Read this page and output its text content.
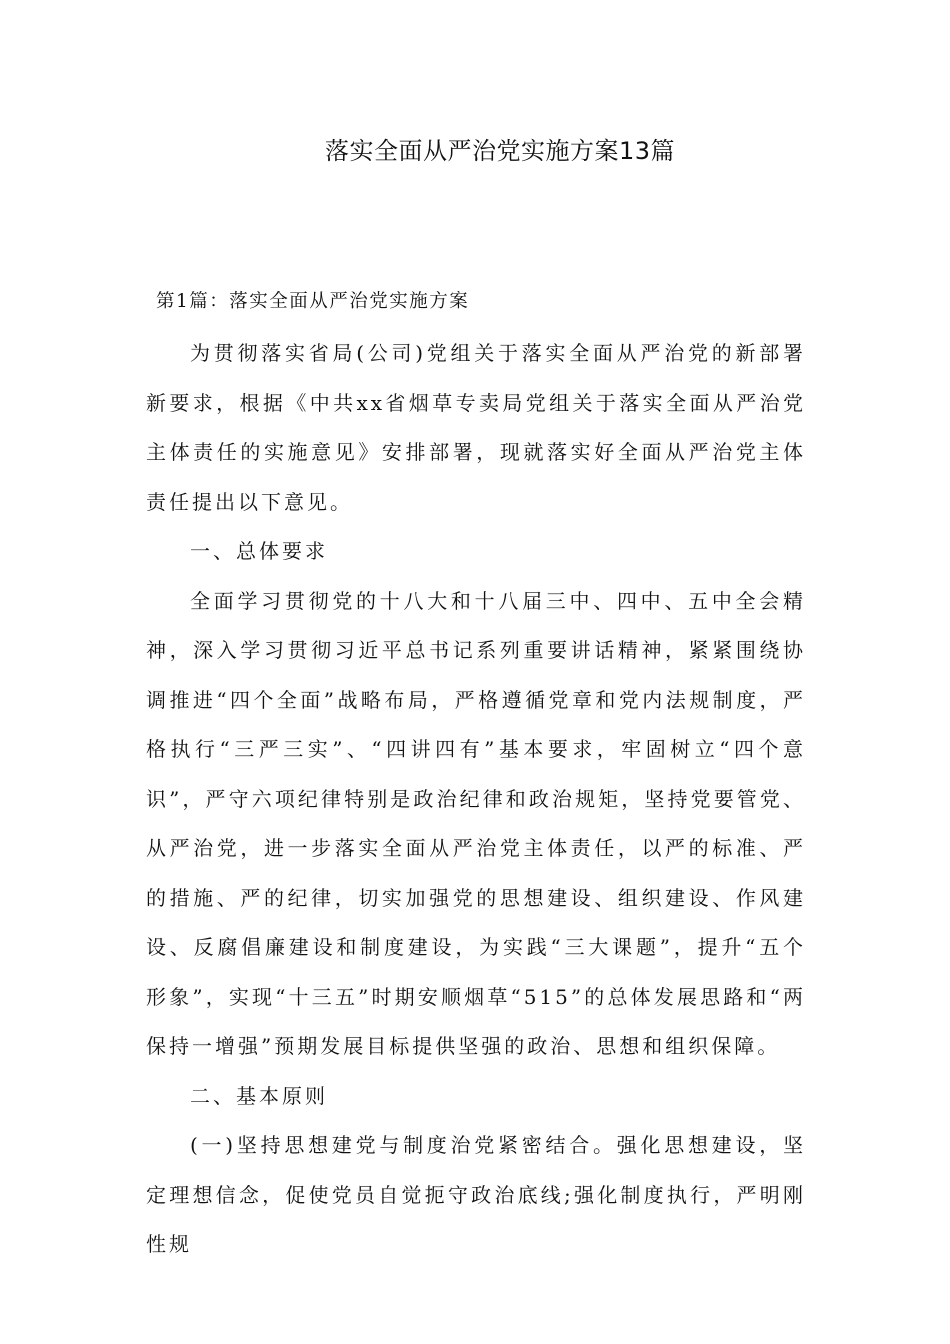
落实全面从严治党实施方案13篇
第1篇：落实全面从严治党实施方案

为贯彻落实省局(公司)党组关于落实全面从严治党的新部署新要求，根据《中共xx省烟草专卖局党组关于落实全面从严治党主体责任的实施意见》安排部署，现就落实好全面从严治党主体责任提出以下意见。

一、总体要求

全面学习贯彻党的十八大和十八届三中、四中、五中全会精神，深入学习贯彻习近平总书记系列重要讲话精神，紧紧围绕协调推进“四个全面”战略布局，严格遵循党章和党内法规制度，严格执行“三严三实”、“四讲四有”基本要求，牢固树立“四个意识”，严守六项纪律特别是政治纪律和政治规矩，坚持党要管党、从严治党，进一步落实全面从严治党主体责任，以严的标准、严的措施、严的纪律，切实加强党的思想建设、组织建设、作风建设、反腐倡廉建设和制度建设，为实践“三大课题”，提升“五个形象”，实现“十三五”时期安顺烟草“515”的总体发展思路和“两保持一增强”预期发展目标提供坚强的政治、思想和组织保障。

二、基本原则

(一)坚持思想建党与制度治党紧密结合。强化思想建设，坚定理想信念，促使党员自觉扼守政治底线;强化制度执行，严明刚性规
